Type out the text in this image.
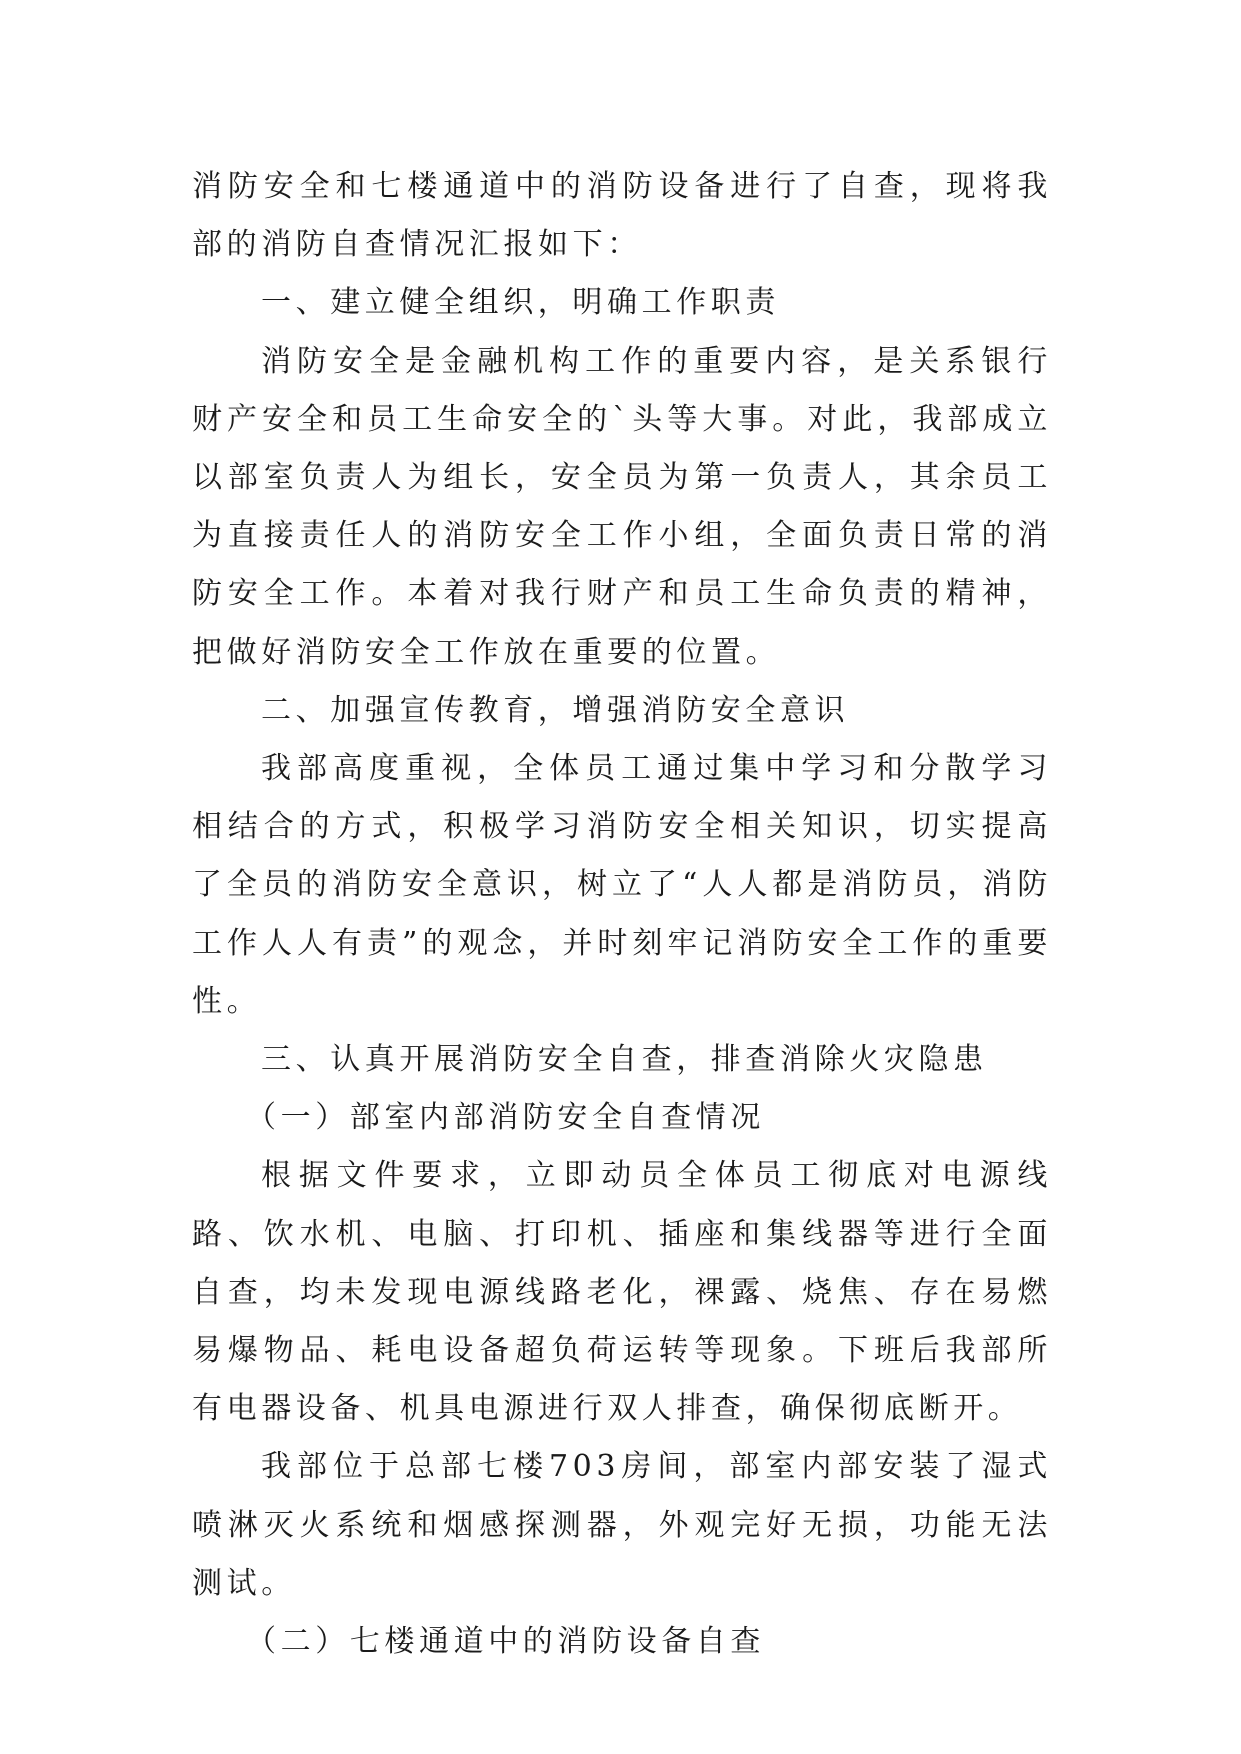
消防安全和七楼通道中的消防设备进行了自查，现将我部的消防自查情况汇报如下：

一、建立健全组织，明确工作职责

消防安全是金融机构工作的重要内容，是关系银行财产安全和员工生命安全的`头等大事。对此，我部成立以部室负责人为组长，安全员为第一负责人，其余员工为直接责任人的消防安全工作小组，全面负责日常的消防安全工作。本着对我行财产和员工生命负责的精神，把做好消防安全工作放在重要的位置。

二、加强宣传教育，增强消防安全意识

我部高度重视，全体员工通过集中学习和分散学习相结合的方式，积极学习消防安全相关知识，切实提高了全员的消防安全意识，树立了“人人都是消防员，消防工作人人有责”的观念，并时刻牢记消防安全工作的重要性。

三、认真开展消防安全自查，排查消除火灾隐患

（一）部室内部消防安全自查情况

根据文件要求，立即动员全体员工彻底对电源线路、饮水机、电脑、打印机、插座和集线器等进行全面自查，均未发现电源线路老化，裸露、烧焦、存在易燃易爆物品、耗电设备超负荷运转等现象。下班后我部所有电器设备、机具电源进行双人排查，确保彻底断开。

我部位于总部七楼703房间，部室内部安装了湿式喷淋灭火系统和烟感探测器，外观完好无损，功能无法测试。

（二）七楼通道中的消防设备自查
